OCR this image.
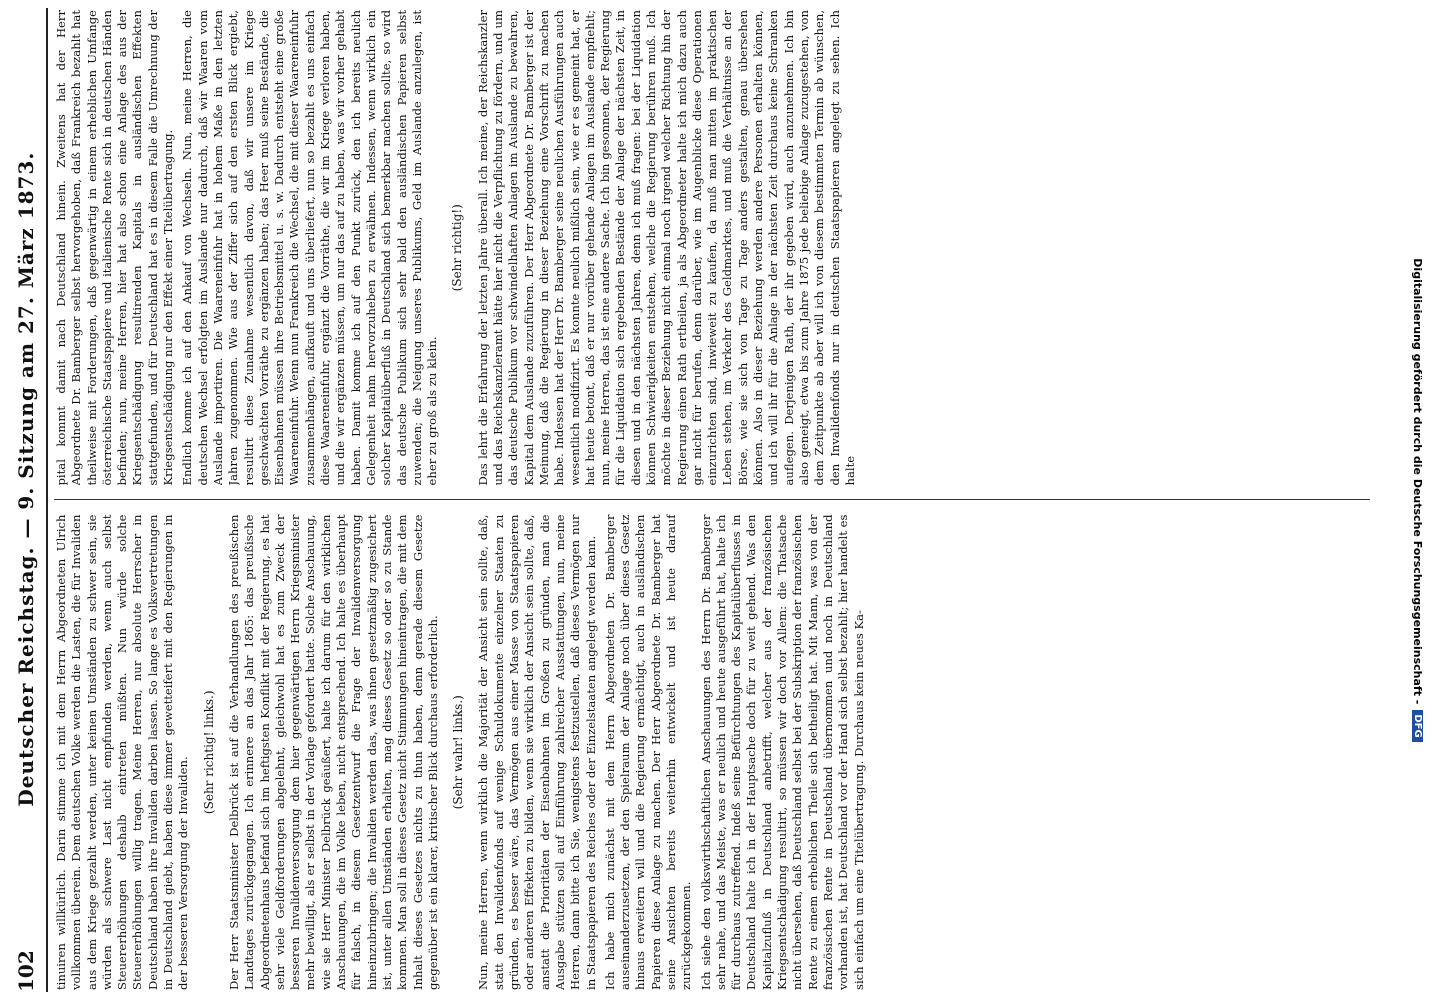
102
Deutscher Reichstag. — 9. Sitzung am 27. März 1873. tinuiren willkürlich. Darin stimme ich mit dem Herrn Abgeordneten Ulrich vollkommen überein. Dem deutschen Volke werden die Lasten, die für Invaliden aus dem Kriege gezahlt werden, unter keinen Umständen zu schwer sein, sie würden als schwere Last nicht empfunden werden, wenn auch selbst Steuererhöhungen deshalb eintreten müßten. Nun würde solche Steuererhöhungen willig tragen. Meine Herren, nur absolute Herrscher in Deutschland haben ihre Invaliden darben lassen. So lange es Volksvertretungen in Deutschland giebt, haben diese immer gewetteifert mit den Regierungen in der besseren Versorgung der Invaliden.

(Sehr richtig! links.) Der Herr Staatsminister Delbrück ist auf die Verhandlungen des preußischen Landtages zurückgegangen. Ich erinnere an das Jahr 1865: das preußische Abgeordnetenhaus befand sich im heftigsten Konflikt mit der Regierung, es hat sehr viele Geldforderungen abgelehnt, gleichwohl hat es zum Zweck der besseren Invalidenversorgung dem hier gegenwärtigen Herrn Kriegsminister mehr bewilligt, als er selbst in der Vorlage gefordert hatte. Solche Anschauung, wie sie Herr Minister Delbrück geäußert, halte ich darum für den wirklichen Anschauungen, die im Volke leben, nicht entsprechend. Ich halte es überhaupt für falsch, in diesem Gesetzentwurf die Frage der Invalidenversorgung hineinzubringen; die Invaliden werden das, was ihnen gesetzmäßig zugesichert ist, unter allen Umständen erhalten, mag dieses Gesetz so oder so zu Stande kommen. Man soll in dieses Gesetz nicht Stimmungen hineintragen, die mit dem Inhalt dieses Gesetzes nichts zu thun haben, denn gerade diesem Gesetze gegenüber ist ein klarer, kritischer Blick durchaus erforderlich. (Sehr wahr! links.) Nun, meine Herren, wenn wirklich die Majorität der Ansicht sein sollte, daß, statt den Invalidenfonds auf wenige Schuldokumente einzelner Staaten zu gründen, es besser wäre, das Vermögen aus einer Masse von Staatspapieren oder anderen Effekten zu bilden, wenn sie wirklich der Ansicht sein sollte, daß, anstatt die Prioritäten der Eisenbahnen im Großen zu gründen, man die Ausgabe stützen soll auf Einführung zahlreicher Ausstattungen, nun, meine Herren, dann bitte ich Sie, wenigstens festzustellen, daß dieses Vermögen nur in Staatspapieren des Reiches oder der Einzelstaaten angelegt werden kann. Ich habe mich zunächst mit dem Herrn Abgeordneten Dr. Bamberger auseinanderzusetzen, der den Spielraum der Anlage noch über dieses Gesetz hinaus erweitern will und die Regierung ermächtigt, auch in ausländischen Papieren diese Anlage zu machen. Der Herr Abgeordnete Dr. Bamberger hat seine Ansichten bereits weiterhin entwickelt und ist heute darauf zurückgekommen. Ich siehe den volkswirthschaftlichen Anschauungen des Herrn Dr. Bamberger sehr nahe, und das Meiste, was er neulich und heute ausgeführt hat, halte ich für durchaus zutreffend. Indeß seine Befürchtungen des Kapitalüberflusses in Deutschland halte ich in der Hauptsache doch für zu weit gehend. Was den Kapitalzufluß in Deutschland anbetrifft, welcher aus der französischen Kriegsentschädigung resultirt, so müssen wir doch vor Allem: die Thatsache nicht übersehen, daß Deutschland selbst bei der Subskription der französischen Rente zu einem erheblichen Theile sich betheiligt hat. Mit Mann, was von der französischen Rente in Deutschland übernommen und noch in Deutschland vorhanden ist, hat Deutschland vor der Hand sich selbst bezahlt; hier handelt es sich einfach um eine Titelübertragung. Durchaus kein neues Ka-

pital kommt damit nach Deutschland hinein. Zweitens hat der Herr Abgeordnete Dr. Bamberger selbst hervorgehoben, daß Frankreich bezahlt hat theilweise mit Forderungen, daß gegenwärtig in einem erheblichen Umfange österreichische Staatspapiere und italienische Rente sich in deutschen Händen befinden; nun, meine Herren, hier hat also schon eine Anlage des aus der Kriegsentschädigung resultirenden Kapitals in ausländischen Effekten stattgefunden, und für Deutschland hat es in diesem Falle die Umrechnung der Kriegsentschädigung nur den Effekt einer Titelübertragung. Endlich komme ich auf den Ankauf von Wechseln. Nun, meine Herren, die deutschen Wechsel erfolgten im Auslande nur dadurch, daß wir Waaren vom Auslande importiren. Die Waareneinfuhr hat in hohem Maße in den letzten Jahren zugenommen. Wie aus der Ziffer sich auf den ersten Blick ergiebt, resultirt diese Zunahme wesentlich davon, daß wir unsere im Kriege geschwächten Vorräthe zu ergänzen haben; das Heer muß seine Bestände, die Eisenbahnen müssen ihre Betriebsmittel u. s. w. Dadurch entsteht eine große Waareneinfuhr. Wenn nun Frankreich die Wechsel, die mit dieser Waareneinfuhr zusammenhängen, aufkauft und uns überliefert, nun so bezahlt es uns einfach diese Waareneinfuhr, ergänzt die Vorräthe, die wir im Kriege verloren haben, und die wir ergänzen müssen, um nur das auf zu haben, was wir vorher gehabt haben. Damit komme ich auf den Punkt zurück, den ich bereits neulich Gelegenheit nahm hervorzuheben zu erwähnen. Indessen, wenn wirklich ein solcher Kapitalüberfluß in Deutschland sich bemerkbar machen sollte, so wird das deutsche Publikum sich sehr bald den ausländischen Papieren selbst zuwenden; die Neigung unseres Publikums, Geld im Auslande anzulegen, ist eher zu groß als zu klein.

(Sehr richtig!) Das lehrt die Erfahrung der letzten Jahre überall. Ich meine, der Reichskanzler und das Reichskanzleramt hätte hier nicht die Verpflichtung zu fördern, und um das deutsche Publikum vor schwindelhaften Anlagen im Auslande zu bewahren, Kapital dem Auslande zuzuführen. Der Herr Abgeordnete Dr. Bamberger ist der Meinung, daß die Regierung in dieser Beziehung eine Vorschrift zu machen habe. Indessen hat der Herr Dr. Bamberger seine neulichen Ausführungen auch wesentlich modifizirt. Es konnte neulich mißlich sein, wie er es gemeint hat, er hat heute betont, daß er nur vorüber gehende Anlagen im Auslande empfiehlt; nun, meine Herren, das ist eine andere Sache. Ich bin gesonnen, der Regierung für die Liquidation sich ergebenden Bestände der Anlage der nächsten Zeit, in diesen und in den nächsten Jahren, denn ich muß fragen: bei der Liquidation können Schwierigkeiten entstehen, welche die Regierung berühren muß. Ich möchte in dieser Beziehung nicht einmal noch irgend welcher Richtung hin der Regierung einen Rath ertheilen, ja als Abgeordneter halte ich mich dazu auch gar nicht für berufen, denn darüber, wie im Augenblicke diese Operationen einzurichten sind, inwieweit zu kaufen, da muß man mitten im praktischen Leben stehen, im Verkehr des Geldmarktes, und muß die Verhältnisse an der Börse, wie sie sich von Tage zu Tage anders gestalten, genau übersehen können. Also in dieser Beziehung werden andere Personen erhalten können, und ich will ihr für die Anlage in der nächsten Zeit durchaus keine Schranken auflegen. Derjenigen Rath, der ihr gegeben wird, auch anzunehmen. Ich bin also geneigt, etwa bis zum Jahre 1875 jede beliebige Anlage zuzugestehen, von dem Zeitpunkte ab aber will ich von diesem bestimmten Termin ab wünschen, den Invalidenfonds nur in deutschen Staatspapieren angelegt zu sehen. Ich halte	Digitalisierung gefördert durch die Deutsche Forschungsgemeinschaft -
DFG
